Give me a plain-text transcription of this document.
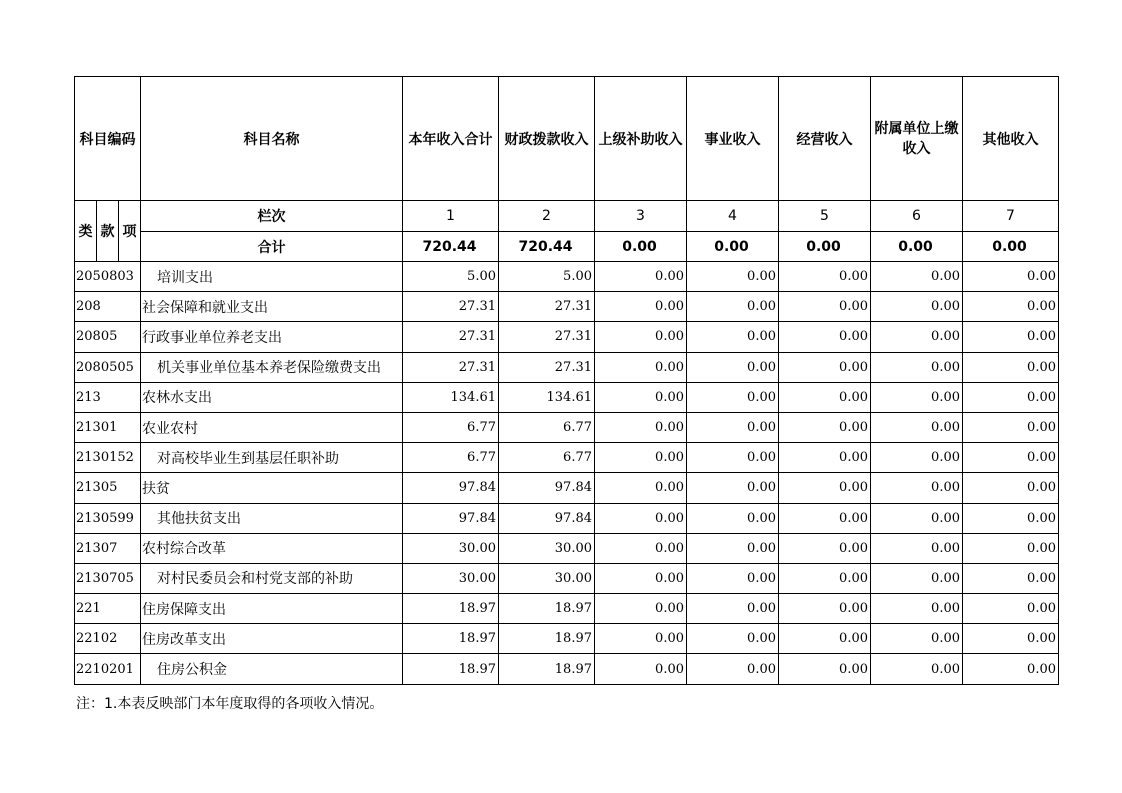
科目编码			科目名称	本年收入合计	财政拨款收入	上级补助收入	事业收入	经营收入	附属单位上缴收入	其他收入
类	款	项	栏次	1	2	3	4	5	6	7
			合计	720.44	720.44	0.00	0.00	0.00	0.00	0.00
2050803			培训支出	5.00	5.00	0.00	0.00	0.00	0.00	0.00
208			社会保障和就业支出	27.31	27.31	0.00	0.00	0.00	0.00	0.00
20805			行政事业单位养老支出	27.31	27.31	0.00	0.00	0.00	0.00	0.00
2080505			机关事业单位基本养老保险缴费支出	27.31	27.31	0.00	0.00	0.00	0.00	0.00
213			农林水支出	134.61	134.61	0.00	0.00	0.00	0.00	0.00
21301			农业农村	6.77	6.77	0.00	0.00	0.00	0.00	0.00
2130152			对高校毕业生到基层任职补助	6.77	6.77	0.00	0.00	0.00	0.00	0.00
21305			扶贫	97.84	97.84	0.00	0.00	0.00	0.00	0.00
2130599			其他扶贫支出	97.84	97.84	0.00	0.00	0.00	0.00	0.00
21307			农村综合改革	30.00	30.00	0.00	0.00	0.00	0.00	0.00
2130705			对村民委员会和村党支部的补助	30.00	30.00	0.00	0.00	0.00	0.00	0.00
221			住房保障支出	18.97	18.97	0.00	0.00	0.00	0.00	0.00
22102			住房改革支出	18.97	18.97	0.00	0.00	0.00	0.00	0.00
2210201			住房公积金	18.97	18.97	0.00	0.00	0.00	0.00	0.00
注：1.本表反映部门本年度取得的各项收入情况。
